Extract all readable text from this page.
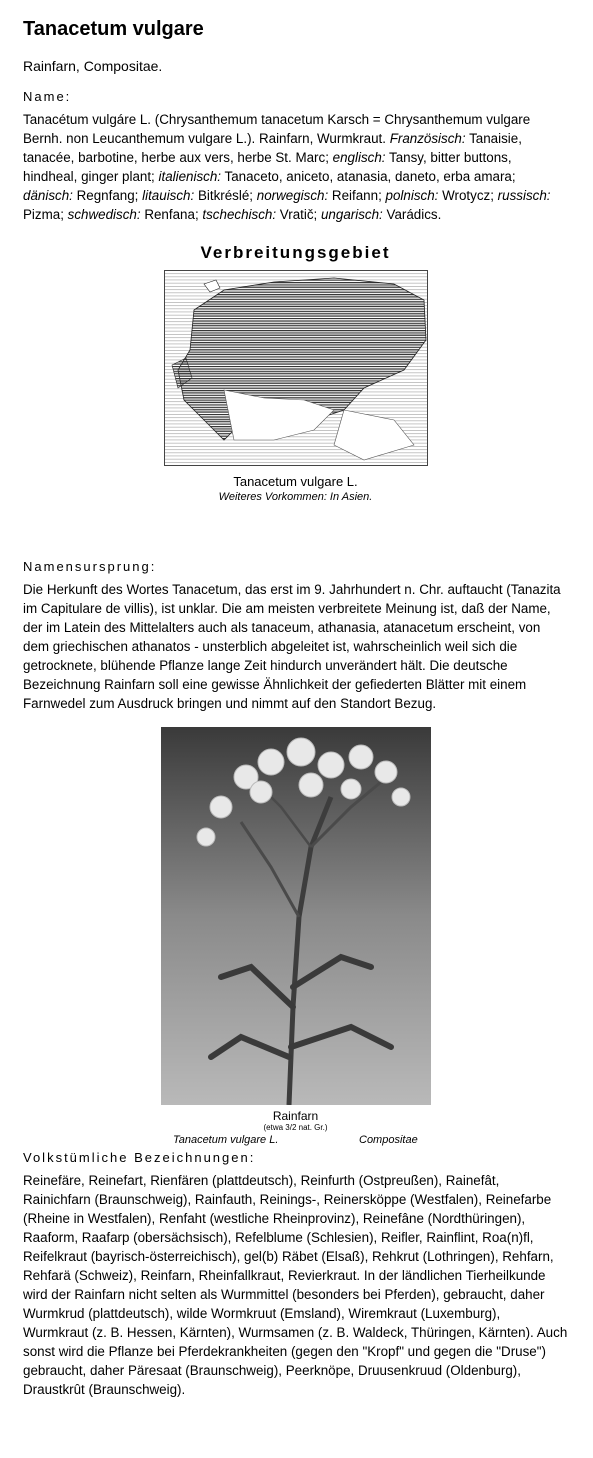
Tanacetum vulgare
Rainfarn, Compositae.
Name:
Tanacétum vulgáre L. (Chrysanthemum tanacetum Karsch = Chrysanthemum vulgare Bernh. non Leucanthemum vulgare L.). Rainfarn, Wurmkraut. Französisch: Tanaisie, tanacée, barbotine, herbe aux vers, herbe St. Marc; englisch: Tansy, bitter buttons, hindheal, ginger plant; italienisch: Tanaceto, aniceto, atanasia, daneto, erba amara; dänisch: Regnfang; litauisch: Bitkréslé; norwegisch: Reifann; polnisch: Wrotycz; russisch: Pizma; schwedisch: Renfana; tschechisch: Vratič; ungarisch: Varádics.
Verbreitungsgebiet
Tanacetum vulgare L.
Weiteres Vorkommen: In Asien.
Namensursprung:
Die Herkunft des Wortes Tanacetum, das erst im 9. Jahrhundert n. Chr. auftaucht (Tanazita im Capitulare de villis), ist unklar. Die am meisten verbreitete Meinung ist, daß der Name, der im Latein des Mittelalters auch als tanaceum, athanasia, atanacetum erscheint, von dem griechischen athanatos - unsterblich abgeleitet ist, wahrscheinlich weil sich die getrocknete, blühende Pflanze lange Zeit hindurch unverändert hält. Die deutsche Bezeichnung Rainfarn soll eine gewisse Ähnlichkeit der gefiederten Blätter mit einem Farnwedel zum Ausdruck bringen und nimmt auf den Standort Bezug.
Rainfarn
(etwa 3/2 nat. Gr.)
Tanacetum vulgare L.	Compositae
Volkstümliche Bezeichnungen:
Reinefäre, Reinefart, Rienfären (plattdeutsch), Reinfurth (Ostpreußen), Rainefât, Rainichfarn (Braunschweig), Rainfauth, Reinings-, Reinersköppe (Westfalen), Reinefarbe (Rheine in Westfalen), Renfaht (westliche Rheinprovinz), Reinefâne (Nordthüringen), Raaform, Raafarp (obersächsisch), Refelblume (Schlesien), Reifler, Rainflint, Roa(n)fl, Reifelkraut (bayrisch-österreichisch), gel(b) Räbet (Elsaß), Rehkrut (Lothringen), Rehfarn, Rehfarä (Schweiz), Reinfarn, Rheinfallkraut, Revierkraut. In der ländlichen Tierheilkunde wird der Rainfarn nicht selten als Wurmmittel (besonders bei Pferden), gebraucht, daher Wurmkrud (plattdeutsch), wilde Wormkruut (Emsland), Wiremkraut (Luxemburg), Wurmkraut (z. B. Hessen, Kärnten), Wurmsamen (z. B. Waldeck, Thüringen, Kärnten). Auch sonst wird die Pflanze bei Pferdekrankheiten (gegen den "Kropf" und gegen die "Druse") gebraucht, daher Päresaat (Braunschweig), Peerknöpe, Druusenkruud (Oldenburg), Draustkrût (Braunschweig).
